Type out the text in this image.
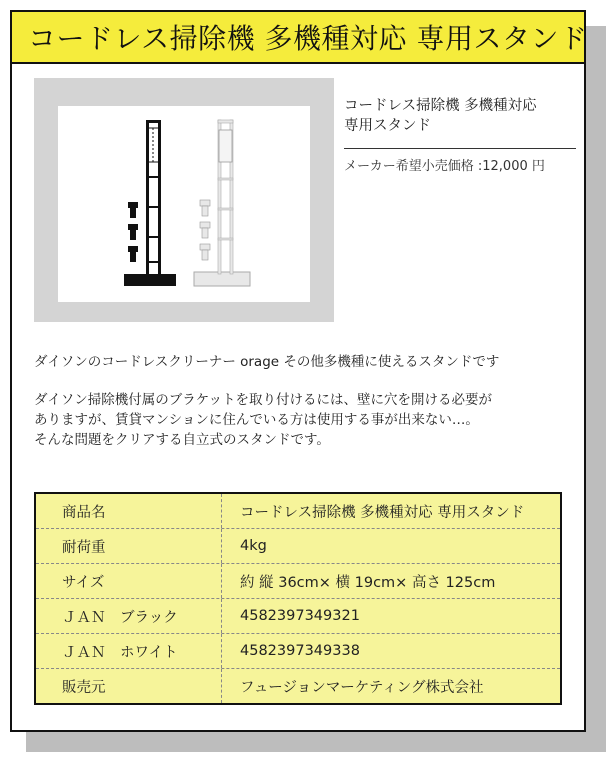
コードレス掃除機 多機種対応 専用スタンド
コードレス掃除機 多機種対応
専用スタンド
メーカー希望小売価格 :12,000 円

ダイソンのコードレスクリーナー orage その他多機種に使えるスタンドです

ダイソン掃除機付属のブラケットを取り付けるには、壁に穴を開ける必要が

ありますが、賃貸マンションに住んでいる方は使用する事が出来ない…。

そんな問題をクリアする自立式のスタンドです。

商品名	コードレス掃除機 多機種対応 専用スタンド
耐荷重	4kg
サイズ	約 縦 36cm× 横 19cm× 高さ 125cm
ＪＡＮ　ブラック	4582397349321
ＪＡＮ　ホワイト	4582397349338
販売元	フュージョンマーケティング株式会社
